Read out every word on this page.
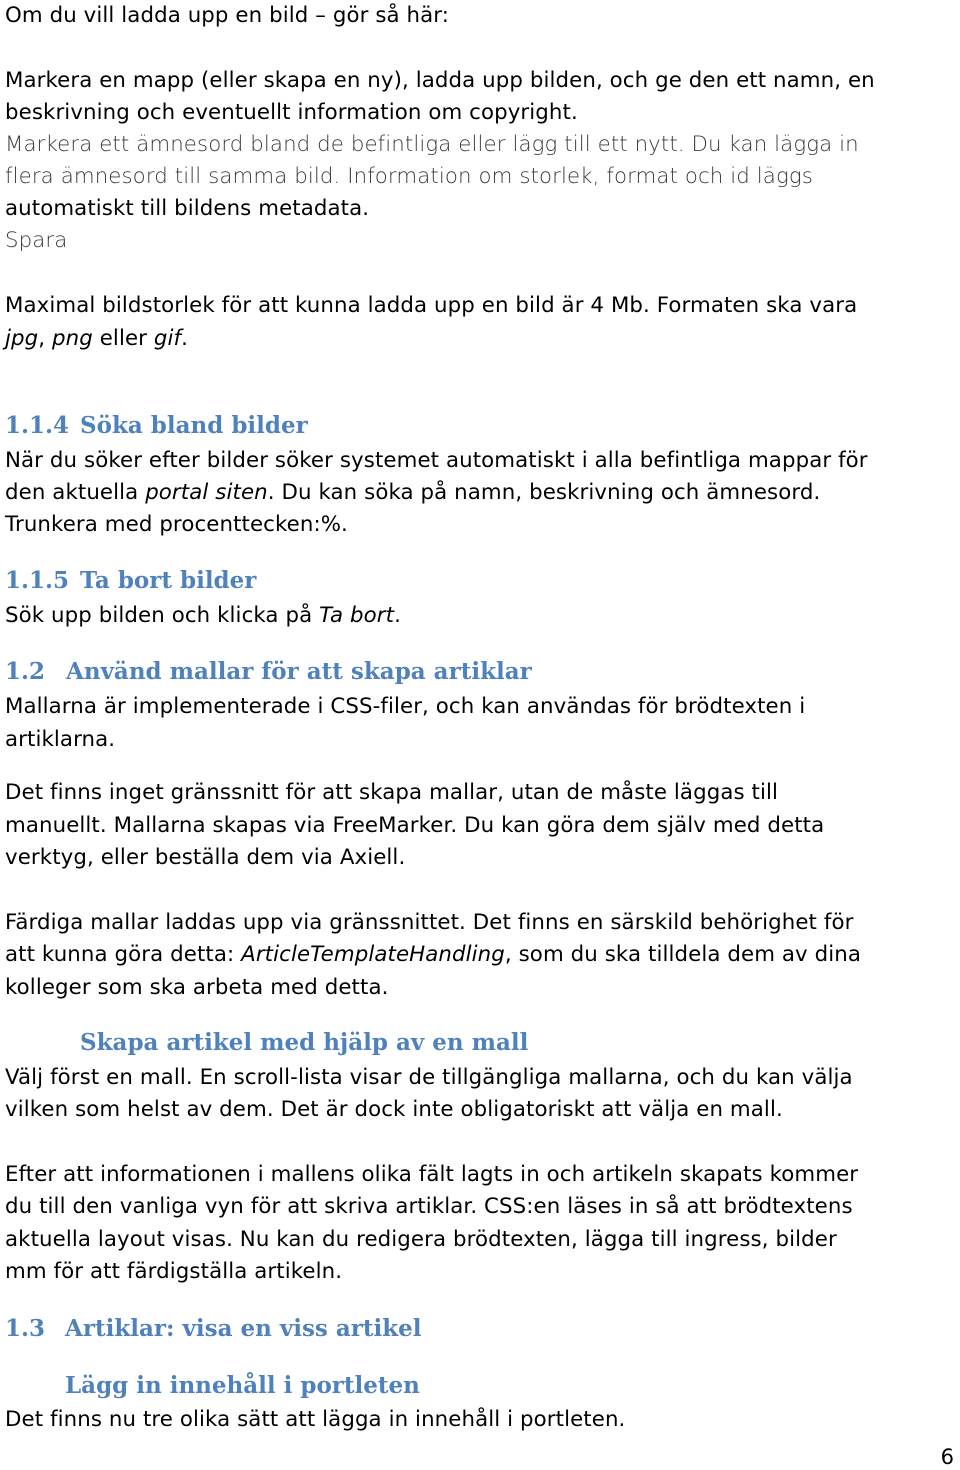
Om du vill ladda upp en bild – gör så här:

Markera en mapp (eller skapa en ny), ladda upp bilden, och ge den ett namn, en

beskrivning och eventuellt information om copyright.

Markera ett ämnesord bland de befintliga eller lägg till ett nytt. Du kan lägga in

flera ämnesord till samma bild. Information om storlek, format och id läggs

automatiskt till bildens metadata.

Spara

Maximal bildstorlek för att kunna ladda upp en bild är 4 Mb. Formaten ska vara

jpg, png eller gif.

1.1.4 Söka bland bilder

När du söker efter bilder söker systemet automatiskt i alla befintliga mappar för

den aktuella portal siten. Du kan söka på namn, beskrivning och ämnesord.

Trunkera med procenttecken:%.

1.1.5 Ta bort bilder

Sök upp bilden och klicka på Ta bort.

1.2 Använd mallar för att skapa artiklar

Mallarna är implementerade i CSS-filer, och kan användas för brödtexten i

artiklarna.

Det finns inget gränssnitt för att skapa mallar, utan de måste läggas till

manuellt. Mallarna skapas via FreeMarker. Du kan göra dem själv med detta

verktyg, eller beställa dem via Axiell.

Färdiga mallar laddas upp via gränssnittet. Det finns en särskild behörighet för

att kunna göra detta: ArticleTemplateHandling, som du ska tilldela dem av dina

kolleger som ska arbeta med detta.

Skapa artikel med hjälp av en mall

Välj först en mall. En scroll-lista visar de tillgängliga mallarna, och du kan välja

vilken som helst av dem. Det är dock inte obligatoriskt att välja en mall.

Efter att informationen i mallens olika fält lagts in och artikeln skapats kommer

du till den vanliga vyn för att skriva artiklar. CSS:en läses in så att brödtextens

aktuella layout visas. Nu kan du redigera brödtexten, lägga till ingress, bilder

mm för att färdigställa artikeln.

1.3 Artiklar: visa en viss artikel
Lägg in innehåll i portleten

Det finns nu tre olika sätt att lägga in innehåll i portleten.

6
